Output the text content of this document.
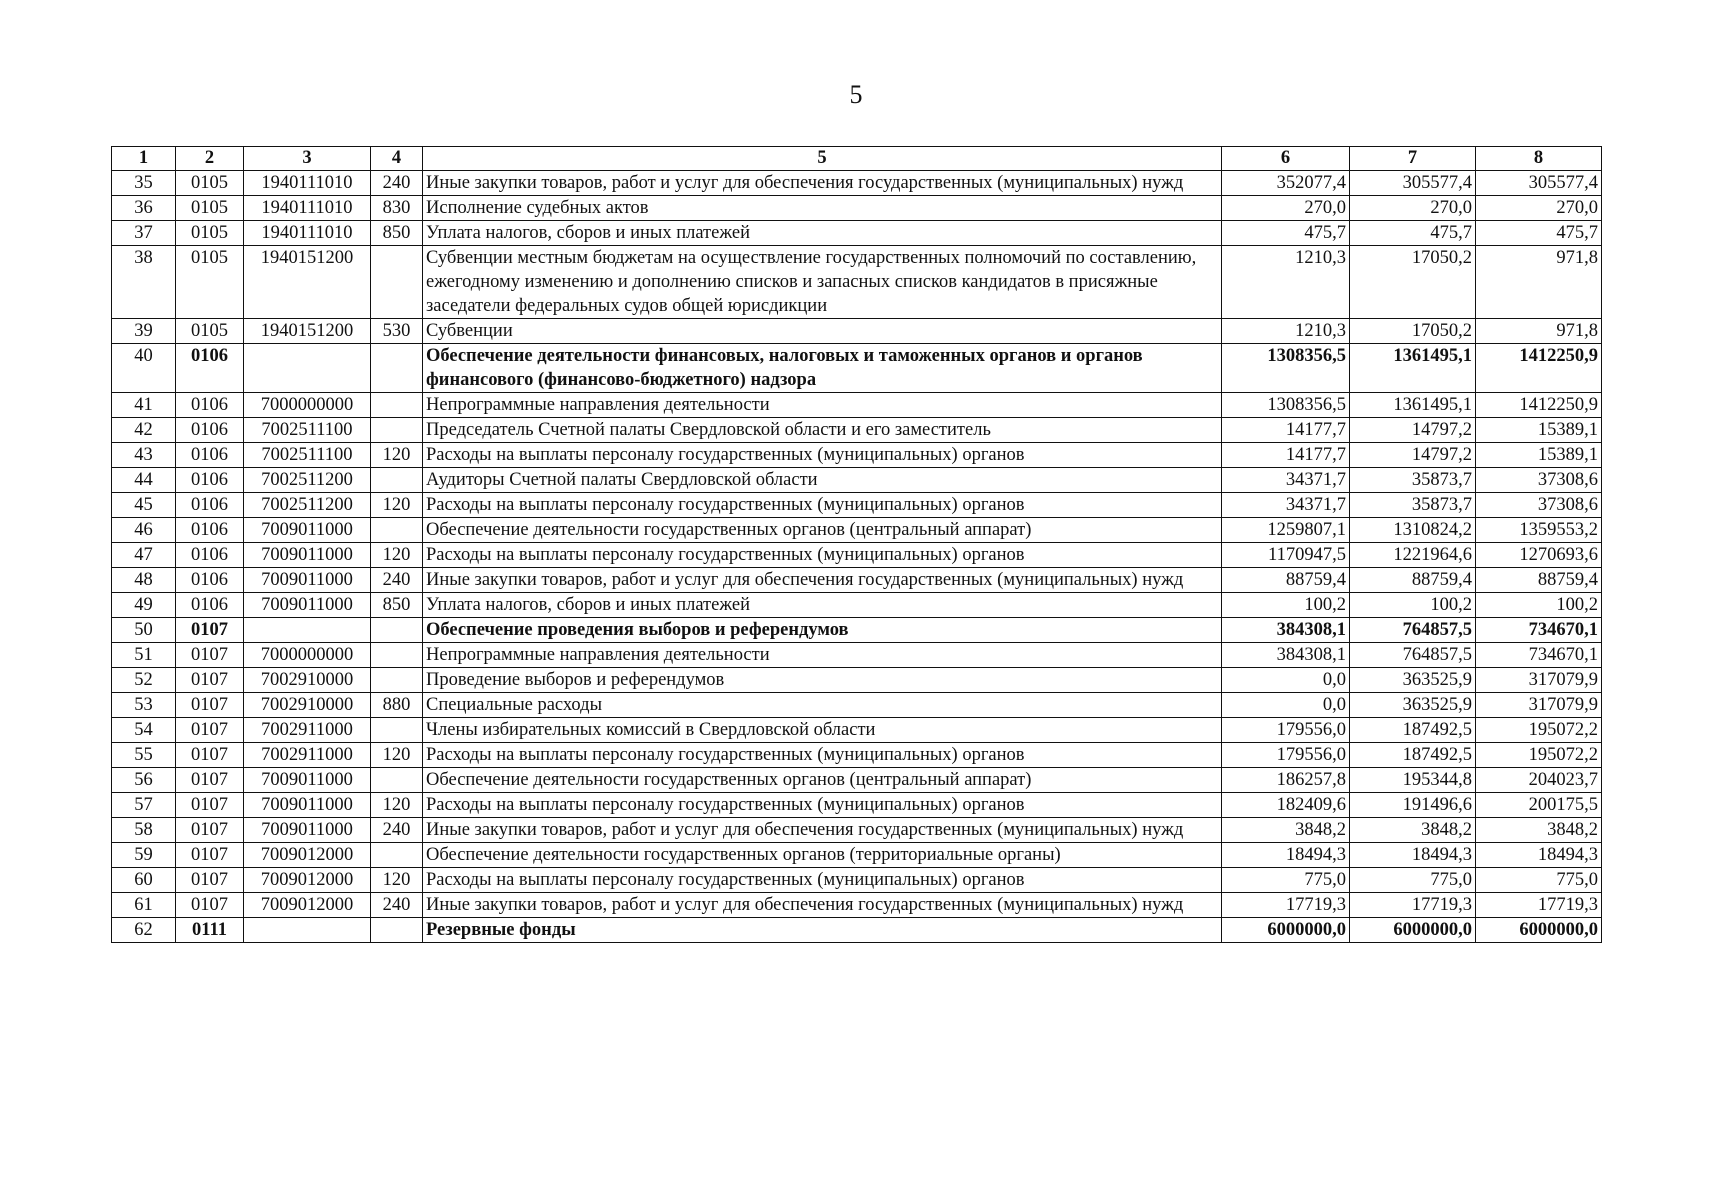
5
1	2	3	4	5	6	7	8
35	0105	1940111010	240	Иные закупки товаров, работ и услуг для обеспечения государственных (муниципальных) нужд	352077,4	305577,4	305577,4
36	0105	1940111010	830	Исполнение судебных актов	270,0	270,0	270,0
37	0105	1940111010	850	Уплата налогов, сборов и иных платежей	475,7	475,7	475,7
38	0105	1940151200		Субвенции местным бюджетам на осуществление государственных полномочий по составлению, ежегодному изменению и дополнению списков и запасных списков кандидатов в присяжные заседатели федеральных судов общей юрисдикции	1210,3	17050,2	971,8
39	0105	1940151200	530	Субвенции	1210,3	17050,2	971,8
40	0106			Обеспечение деятельности финансовых, налоговых и таможенных органов и органов финансового (финансово-бюджетного) надзора	1308356,5	1361495,1	1412250,9
41	0106	7000000000		Непрограммные направления деятельности	1308356,5	1361495,1	1412250,9
42	0106	7002511100		Председатель Счетной палаты Свердловской области и его заместитель	14177,7	14797,2	15389,1
43	0106	7002511100	120	Расходы на выплаты персоналу государственных (муниципальных) органов	14177,7	14797,2	15389,1
44	0106	7002511200		Аудиторы Счетной палаты Свердловской области	34371,7	35873,7	37308,6
45	0106	7002511200	120	Расходы на выплаты персоналу государственных (муниципальных) органов	34371,7	35873,7	37308,6
46	0106	7009011000		Обеспечение деятельности государственных органов (центральный аппарат)	1259807,1	1310824,2	1359553,2
47	0106	7009011000	120	Расходы на выплаты персоналу государственных (муниципальных) органов	1170947,5	1221964,6	1270693,6
48	0106	7009011000	240	Иные закупки товаров, работ и услуг для обеспечения государственных (муниципальных) нужд	88759,4	88759,4	88759,4
49	0106	7009011000	850	Уплата налогов, сборов и иных платежей	100,2	100,2	100,2
50	0107			Обеспечение проведения выборов и референдумов	384308,1	764857,5	734670,1
51	0107	7000000000		Непрограммные направления деятельности	384308,1	764857,5	734670,1
52	0107	7002910000		Проведение выборов и референдумов	0,0	363525,9	317079,9
53	0107	7002910000	880	Специальные расходы	0,0	363525,9	317079,9
54	0107	7002911000		Члены избирательных комиссий в Свердловской области	179556,0	187492,5	195072,2
55	0107	7002911000	120	Расходы на выплаты персоналу государственных (муниципальных) органов	179556,0	187492,5	195072,2
56	0107	7009011000		Обеспечение деятельности государственных органов (центральный аппарат)	186257,8	195344,8	204023,7
57	0107	7009011000	120	Расходы на выплаты персоналу государственных (муниципальных) органов	182409,6	191496,6	200175,5
58	0107	7009011000	240	Иные закупки товаров, работ и услуг для обеспечения государственных (муниципальных) нужд	3848,2	3848,2	3848,2
59	0107	7009012000		Обеспечение деятельности государственных органов (территориальные органы)	18494,3	18494,3	18494,3
60	0107	7009012000	120	Расходы на выплаты персоналу государственных (муниципальных) органов	775,0	775,0	775,0
61	0107	7009012000	240	Иные закупки товаров, работ и услуг для обеспечения государственных (муниципальных) нужд	17719,3	17719,3	17719,3
62	0111			Резервные фонды	6000000,0	6000000,0	6000000,0
